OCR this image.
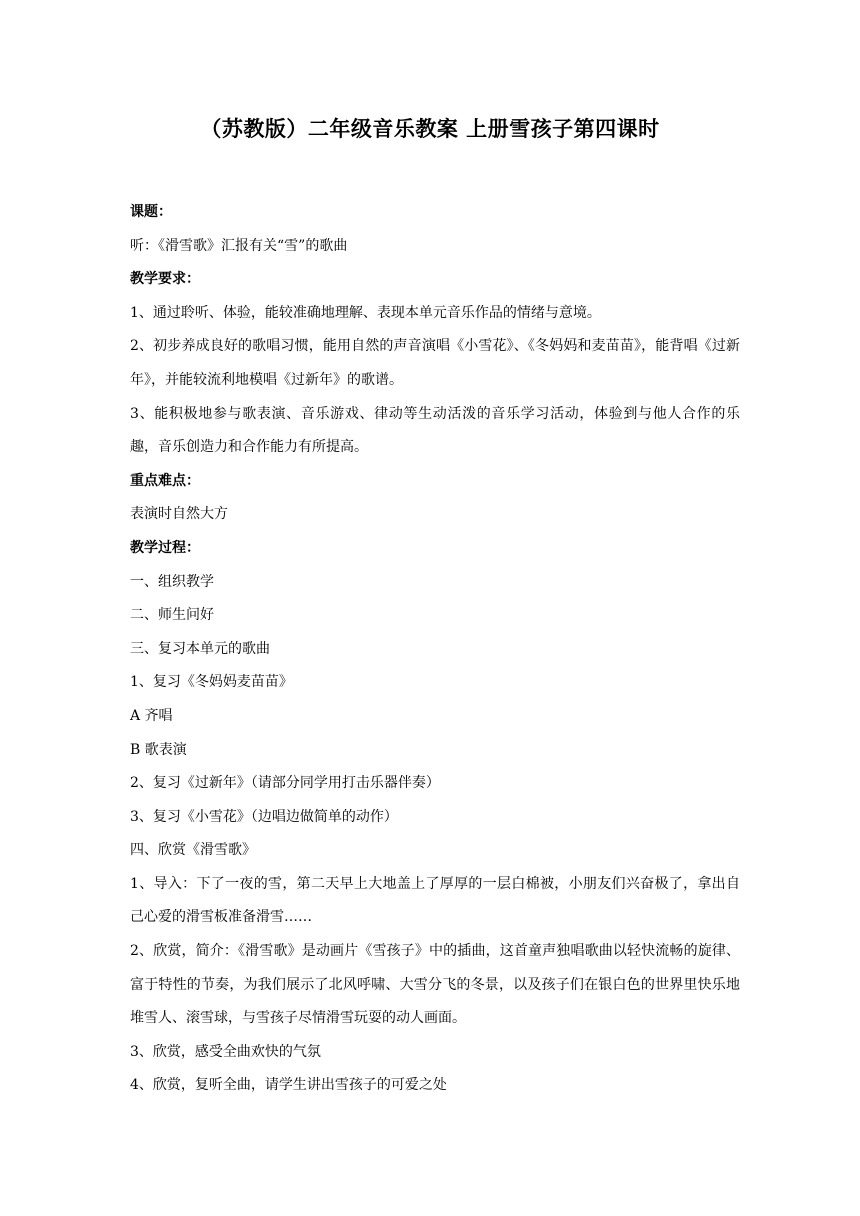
（苏教版）二年级音乐教案 上册雪孩子第四课时
课题：
听：《滑雪歌》汇报有关“雪”的歌曲
教学要求：
1、通过聆听、体验，能较准确地理解、表现本单元音乐作品的情绪与意境。
2、初步养成良好的歌唱习惯，能用自然的声音演唱《小雪花》、《冬妈妈和麦苗苗》，能背唱《过新年》，并能较流利地模唱《过新年》的歌谱。
3、能积极地参与歌表演、音乐游戏、律动等生动活泼的音乐学习活动，体验到与他人合作的乐趣，音乐创造力和合作能力有所提高。
重点难点：
表演时自然大方
教学过程：
一、组织教学
二、师生问好
三、复习本单元的歌曲
1、复习《冬妈妈麦苗苗》
A 齐唱
B 歌表演
2、复习《过新年》（请部分同学用打击乐器伴奏）
3、复习《小雪花》（边唱边做简单的动作）
四、欣赏《滑雪歌》
1、导入：下了一夜的雪，第二天早上大地盖上了厚厚的一层白棉被，小朋友们兴奋极了，拿出自己心爱的滑雪板准备滑雪……
2、欣赏，简介：《滑雪歌》是动画片《雪孩子》中的插曲，这首童声独唱歌曲以轻快流畅的旋律、富于特性的节奏，为我们展示了北风呼啸、大雪分飞的冬景，以及孩子们在银白色的世界里快乐地堆雪人、滚雪球，与雪孩子尽情滑雪玩耍的动人画面。
3、欣赏，感受全曲欢快的气氛
4、欣赏，复听全曲，请学生讲出雪孩子的可爱之处
